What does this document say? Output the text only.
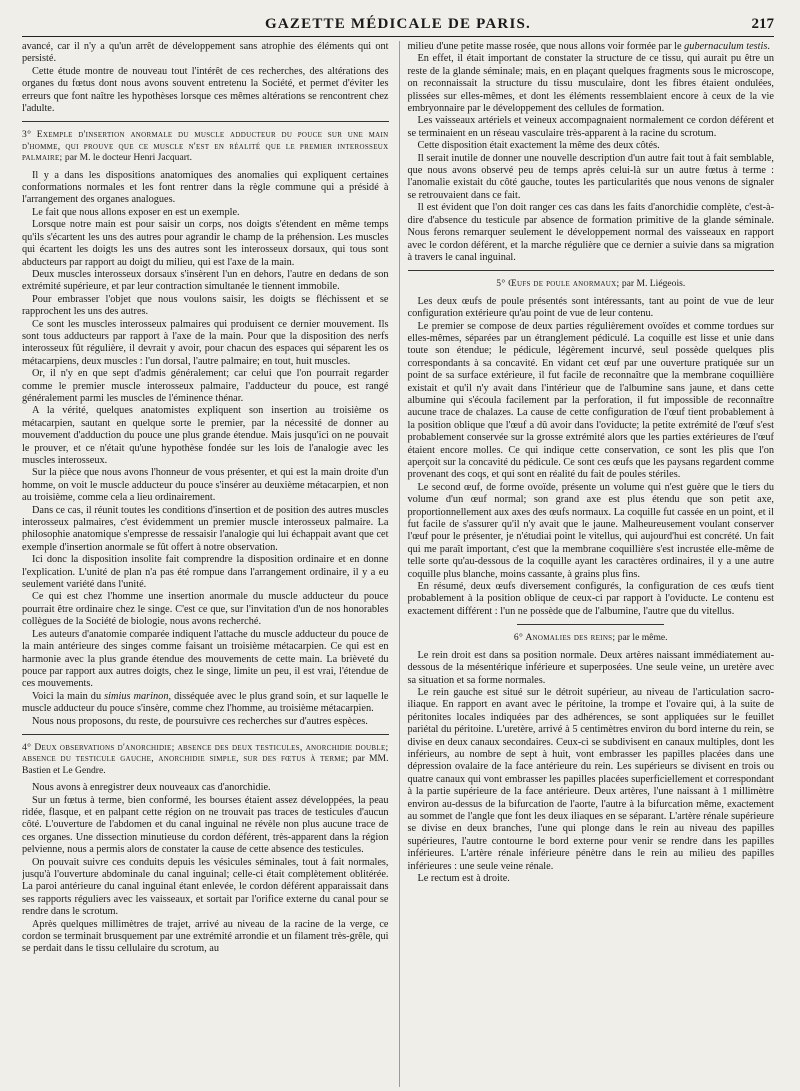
GAZETTE MÉDICALE DE PARIS.	217

avancé, car il n'y a qu'un arrêt de développement sans atrophie des éléments qui ont persisté.

Cette étude montre de nouveau tout l'intérêt de ces recherches, des altérations des organes du fœtus dont nous avons souvent entretenu la Société, et permet d'éviter les erreurs que font naître les hypothèses lorsque ces mêmes altérations se rencontrent chez l'adulte.

3° Exemple d'insertion anormale du muscle adducteur du pouce sur une main d'homme, qui prouve que ce muscle n'est en réalité que le premier interosseux palmaire; par M. le docteur Henri Jacquart.

Il y a dans les dispositions anatomiques des anomalies qui expliquent certaines conformations normales et les font rentrer dans la règle commune qui a présidé à l'arrangement des organes analogues.

Le fait que nous allons exposer en est un exemple.

Lorsque notre main est pour saisir un corps, nos doigts s'étendent en même temps qu'ils s'écartent les uns des autres pour agrandir le champ de la préhension. Les muscles qui écartent les doigts les uns des autres sont les interosseux dorsaux, qui tous sont abducteurs par rapport au doigt du milieu, qui est l'axe de la main.

Deux muscles interosseux dorsaux s'insèrent l'un en dehors, l'autre en dedans de son extrémité supérieure, et par leur contraction simultanée le tiennent immobile.

Pour embrasser l'objet que nous voulons saisir, les doigts se fléchissent et se rapprochent les uns des autres.

Ce sont les muscles interosseux palmaires qui produisent ce dernier mouvement. Ils sont tous adducteurs par rapport à l'axe de la main. Pour que la disposition des nerfs interosseux fût régulière, il devrait y avoir, pour chacun des espaces qui séparent les os métacarpiens, deux muscles : l'un dorsal, l'autre palmaire; en tout, huit muscles.

Or, il n'y en que sept d'admis généralement; car celui que l'on pourrait regarder comme le premier muscle interosseux palmaire, l'adducteur du pouce, est rangé généralement parmi les muscles de l'éminence thénar.

A la vérité, quelques anatomistes expliquent son insertion au troisième os métacarpien, sautant en quelque sorte le premier, par la nécessité de donner au mouvement d'adduction du pouce une plus grande étendue. Mais jusqu'ici on ne pouvait le prouver, et ce n'était qu'une hypothèse fondée sur les lois de l'analogie avec les muscles interosseux.

Sur la pièce que nous avons l'honneur de vous présenter, et qui est la main droite d'un homme, on voit le muscle adducteur du pouce s'insérer au deuxième métacarpien, et non au troisième, comme cela a lieu ordinairement.

Dans ce cas, il réunit toutes les conditions d'insertion et de position des autres muscles interosseux palmaires, c'est évidemment un premier muscle interosseux palmaire. La philosophie anatomique s'empresse de ressaisir l'analogie qui lui échappait avant que cet exemple d'insertion anormale se fût offert à notre observation.

Ici donc la disposition insolite fait comprendre la disposition ordinaire et en donne l'explication. L'unité de plan n'a pas été rompue dans l'arrangement ordinaire, il y a eu seulement variété dans l'unité.

Ce qui est chez l'homme une insertion anormale du muscle adducteur du pouce pourrait être ordinaire chez le singe. C'est ce que, sur l'invitation d'un de nos honorables collègues de la Société de biologie, nous avons recherché.

Les auteurs d'anatomie comparée indiquent l'attache du muscle adducteur du pouce de la main antérieure des singes comme faisant un troisième métacarpien. Ce qui est en harmonie avec la plus grande étendue des mouvements de cette main. La brièveté du pouce par rapport aux autres doigts, chez le singe, limite un peu, il est vrai, l'étendue de ces mouvements.

Voici la main du simius marinon, disséquée avec le plus grand soin, et sur laquelle le muscle adducteur du pouce s'insère, comme chez l'homme, au troisième métacarpien.

Nous nous proposons, du reste, de poursuivre ces recherches sur d'autres espèces.

4° Deux observations d'anorchidie; absence des deux testicules, anorchidie double; absence du testicule gauche, anorchidie simple, sur des fœtus à terme; par MM. Bastien et Le Gendre.

Nous avons à enregistrer deux nouveaux cas d'anorchidie.

Sur un fœtus à terme, bien conformé, les bourses étaient assez développées, la peau ridée, flasque, et en palpant cette région on ne trouvait pas traces de testicules d'aucun côté. L'ouverture de l'abdomen et du canal inguinal ne révèle non plus aucune trace de ces organes. Une dissection minutieuse du cordon déférent, très-apparent dans la région pelvienne, nous a permis alors de constater la cause de cette absence des testicules.

On pouvait suivre ces conduits depuis les vésicules séminales, tout à fait normales, jusqu'à l'ouverture abdominale du canal inguinal; celle-ci était complètement oblitérée. La paroi antérieure du canal inguinal étant enlevée, le cordon déférent apparaissait dans ses rapports réguliers avec les vaisseaux, et sortait par l'orifice externe du canal pour se rendre dans le scrotum.

Après quelques millimètres de trajet, arrivé au niveau de la racine de la verge, ce cordon se terminait brusquement par une extrémité arrondie et un filament très-grêle, qui se perdait dans le tissu cellulaire du scrotum, au

milieu d'une petite masse rosée, que nous allons voir formée par le gubernaculum testis.

En effet, il était important de constater la structure de ce tissu, qui aurait pu être un reste de la glande séminale; mais, en en plaçant quelques fragments sous le microscope, on reconnaissait la structure du tissu musculaire, dont les fibres étaient ondulées, plissées sur elles-mêmes, et dont les éléments ressemblaient encore à ceux de la vie embryonnaire par le développement des cellules de formation.

Les vaisseaux artériels et veineux accompagnaient normalement ce cordon déférent et se terminaient en un réseau vasculaire très-apparent à la racine du scrotum.

Cette disposition était exactement la même des deux côtés.

Il serait inutile de donner une nouvelle description d'un autre fait tout à fait semblable, que nous avons observé peu de temps après celui-là sur un autre fœtus à terme : l'anomalie existait du côté gauche, toutes les particularités que nous venons de signaler se retrouvaient dans ce fait.

Il est évident que l'on doit ranger ces cas dans les faits d'anorchidie complète, c'est-à-dire d'absence du testicule par absence de formation primitive de la glande séminale. Nous ferons remarquer seulement le développement normal des vaisseaux en rapport avec le cordon déférent, et la marche régulière que ce dernier a suivie dans sa migration à travers le canal inguinal.

5° Œufs de poule anormaux; par M. Liégeois.

Les deux œufs de poule présentés sont intéressants, tant au point de vue de leur configuration extérieure qu'au point de vue de leur contenu.

Le premier se compose de deux parties régulièrement ovoïdes et comme tordues sur elles-mêmes, séparées par un étranglement pédiculé. La coquille est lisse et unie dans toute son étendue; le pédicule, légèrement incurvé, seul possède quelques plis correspondants à sa concavité. En vidant cet œuf par une ouverture pratiquée sur un point de sa surface extérieure, il fut facile de reconnaître que la membrane coquillière existait et qu'il n'y avait dans l'intérieur que de l'albumine sans jaune, et dans cette albumine qui s'écoula facilement par la perforation, il fut impossible de reconnaître aucune trace de chalazes. La cause de cette configuration de l'œuf tient probablement à la position oblique que l'œuf a dû avoir dans l'oviducte; la petite extrémité de l'œuf s'est probablement conservée sur la grosse extrémité alors que les parties extérieures de l'œuf étaient encore molles. Ce qui indique cette conservation, ce sont les plis que l'on aperçoit sur la concavité du pédicule. Ce sont ces œufs que les paysans regardent comme provenant des coqs, et qui sont en réalité du fait de poules stériles.

Le second œuf, de forme ovoïde, présente un volume qui n'est guère que le tiers du volume d'un œuf normal; son grand axe est plus étendu que son petit axe, proportionnellement aux axes des œufs normaux. La coquille fut cassée en un point, et il fut facile de s'assurer qu'il n'y avait que le jaune. Malheureusement voulant conserver l'œuf pour le présenter, je n'étudiai point le vitellus, qui aujourd'hui est concrété. Un fait qui me paraît important, c'est que la membrane coquillière s'est incrustée elle-même de telle sorte qu'au-dessous de la coquille ayant les caractères ordinaires, il y a une autre coquille plus blanche, moins cassante, à grains plus fins.

En résumé, deux œufs diversement configurés, la configuration de ces œufs tient probablement à la position oblique de ceux-ci par rapport à l'oviducte. Le contenu est exactement différent : l'un ne possède que de l'albumine, l'autre que du vitellus.

6° Anomalies des reins; par le même.

Le rein droit est dans sa position normale. Deux artères naissant immédiatement au-dessous de la mésentérique inférieure et superposées. Une seule veine, un uretère avec sa situation et sa forme normales.

Le rein gauche est situé sur le détroit supérieur, au niveau de l'articulation sacro-iliaque. En rapport en avant avec le péritoine, la trompe et l'ovaire qui, à la suite de péritonites locales indiquées par des adhérences, se sont appliquées sur le feuillet pariétal du péritoine. L'uretère, arrivé à 5 centimètres environ du bord interne du rein, se divise en deux canaux secondaires. Ceux-ci se subdivisent en canaux multiples, dont les inférieurs, au nombre de sept à huit, vont embrasser les papilles placées dans une dépression ovalaire de la face antérieure du rein. Les supérieurs se divisent en trois ou quatre canaux qui vont embrasser les papilles placées superficiellement et correspondant à la partie supérieure de la face antérieure. Deux artères, l'une naissant à 1 millimètre environ au-dessus de la bifurcation de l'aorte, l'autre à la bifurcation même, exactement au sommet de l'angle que font les deux iliaques en se séparant. L'artère rénale supérieure se divise en deux branches, l'une qui plonge dans le rein au niveau des papilles supérieures, l'autre contourne le bord externe pour venir se rendre dans les papilles inférieures. L'artère rénale inférieure pénètre dans le rein au milieu des papilles inférieures : une seule veine rénale.

Le rectum est à droite.
